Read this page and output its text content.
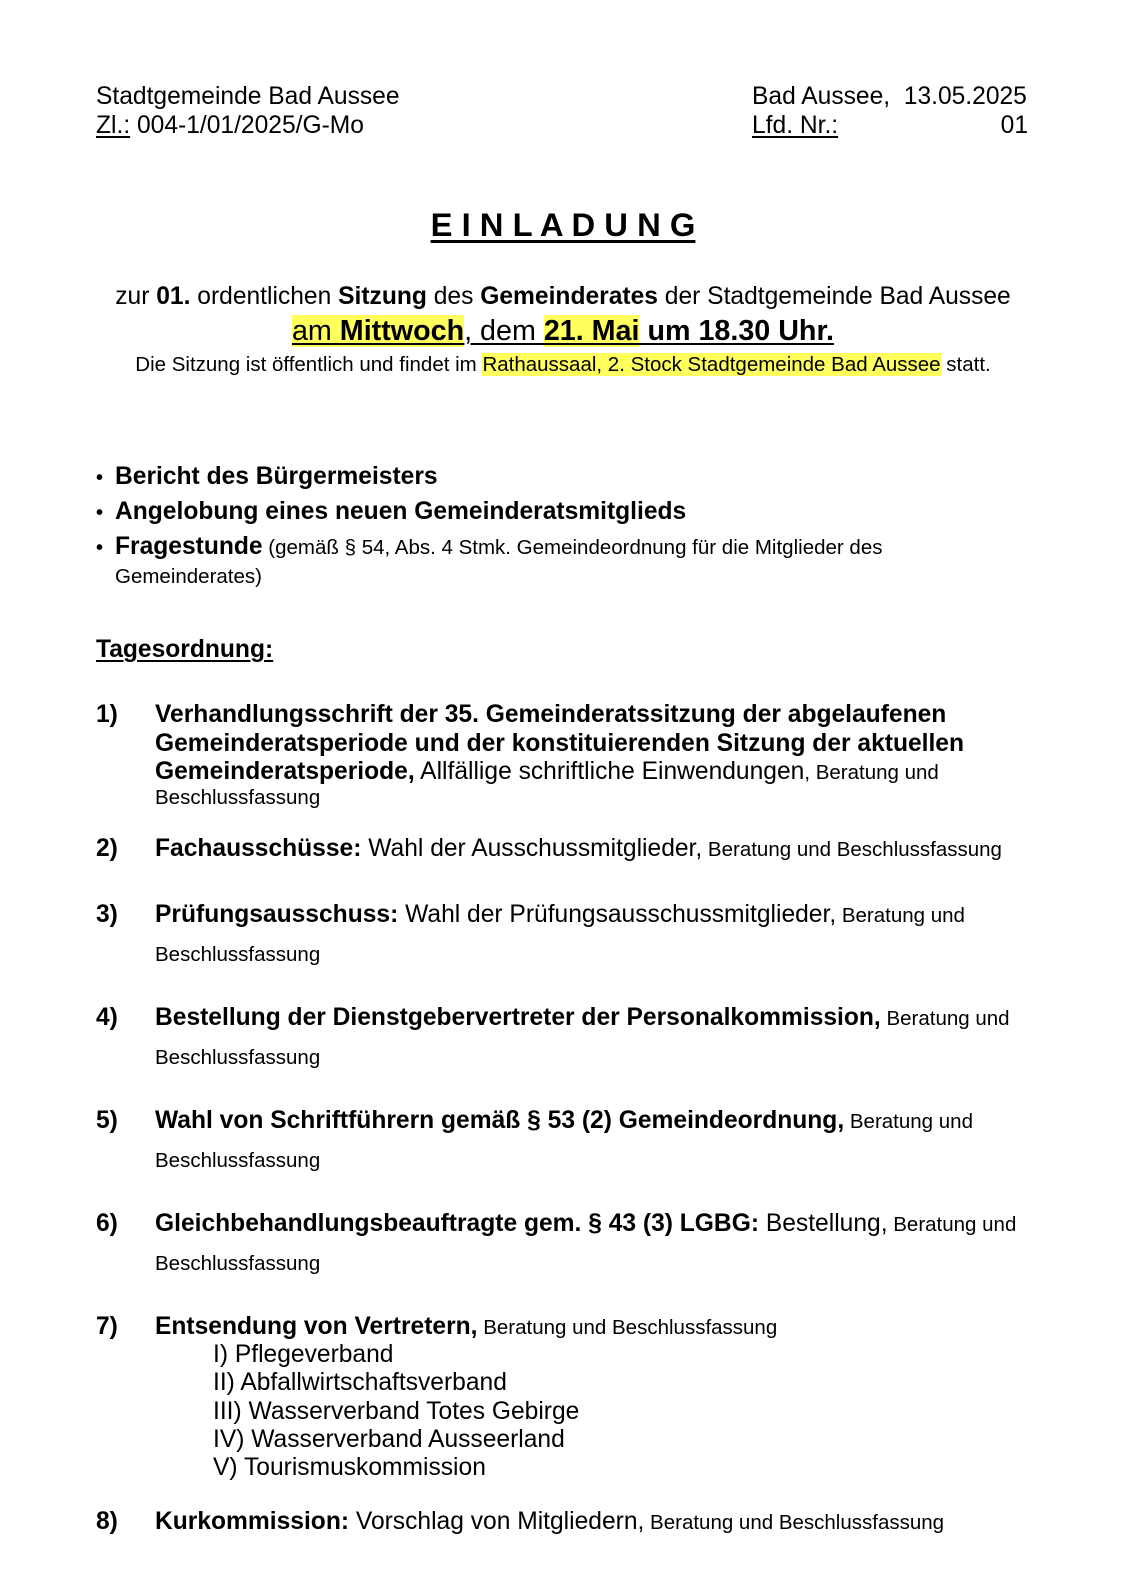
Stadtgemeinde Bad Aussee
Zl.: 004-1/01/2025/G-Mo
Bad Aussee,  13.05.2025
Lfd. Nr.:	01
E I N L A D U N G
zur 01. ordentlichen Sitzung des Gemeinderates der Stadtgemeinde Bad Aussee
am Mittwoch, dem 21. Mai um 18.30 Uhr.
Die Sitzung ist öffentlich und findet im Rathaussaal, 2. Stock Stadtgemeinde Bad Aussee statt.
• Bericht des Bürgermeisters
• Angelobung eines neuen Gemeinderatsmitglieds
• Fragestunde (gemäß § 54, Abs. 4 Stmk. Gemeindeordnung für die Mitglieder des
Gemeinderates)
Tagesordnung:
1) Verhandlungsschrift der 35. Gemeinderatssitzung der abgelaufenen
Gemeinderatsperiode und der konstituierenden Sitzung der aktuellen
Gemeinderatsperiode, Allfällige schriftliche Einwendungen, Beratung und
Beschlussfassung
2) Fachausschüsse: Wahl der Ausschussmitglieder, Beratung und Beschlussfassung
3) Prüfungsausschuss: Wahl der Prüfungsausschussmitglieder, Beratung und
Beschlussfassung
4) Bestellung der Dienstgebervertreter der Personalkommission, Beratung und
Beschlussfassung
5) Wahl von Schriftführern gemäß § 53 (2) Gemeindeordnung, Beratung und
Beschlussfassung
6) Gleichbehandlungsbeauftragte gem. § 43 (3) LGBG: Bestellung, Beratung und
Beschlussfassung
7) Entsendung von Vertretern, Beratung und Beschlussfassung
I) Pflegeverband
II) Abfallwirtschaftsverband
III) Wasserverband Totes Gebirge
IV) Wasserverband Ausseerland
V) Tourismuskommission
8) Kurkommission: Vorschlag von Mitgliedern, Beratung und Beschlussfassung
